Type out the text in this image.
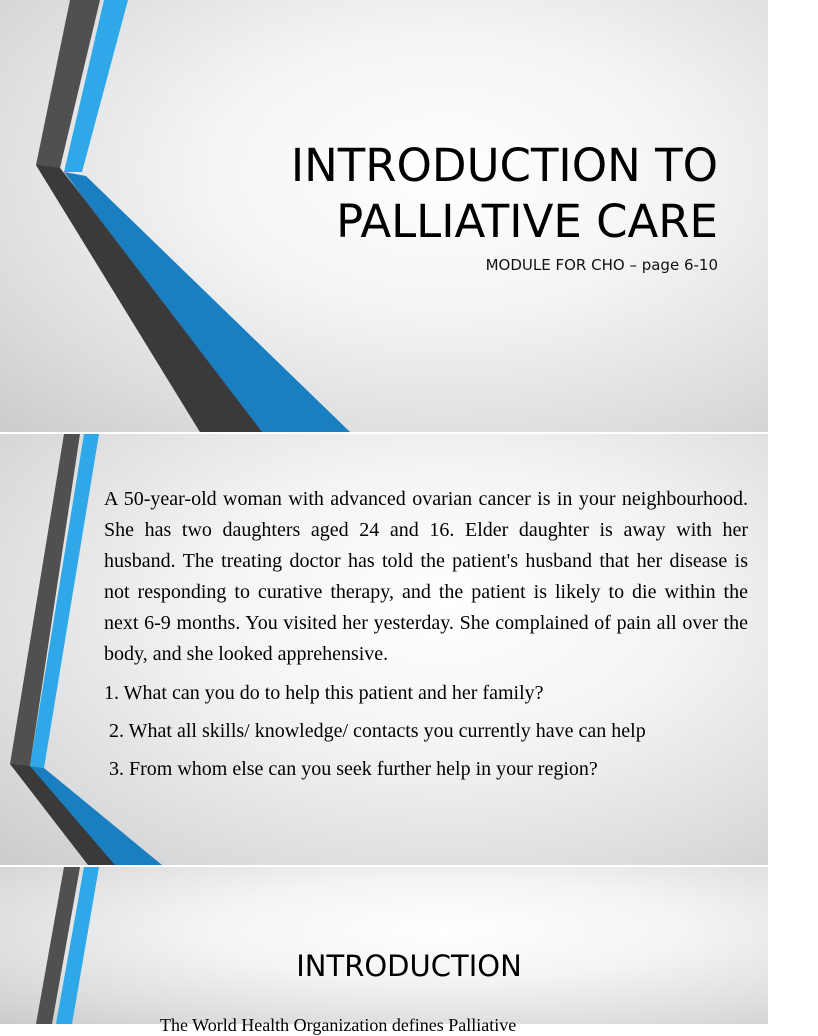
INTRODUCTION TO
PALLIATIVE CARE

MODULE FOR CHO – page 6-10

A 50-year-old woman with advanced ovarian cancer is in your neighbourhood. She has two daughters aged 24 and 16. Elder daughter is away with her husband. The treating doctor has told the patient's husband that her disease is not responding to curative therapy, and the patient is likely to die within the next 6-9 months. You visited her yesterday. She complained of pain all over the body, and she looked apprehensive.

1. What can you do to help this patient and her family?

2. What all skills/ knowledge/ contacts you currently have can help

3. From whom else can you seek further help in your region?

INTRODUCTION
The World Health Organization defines Palliative
